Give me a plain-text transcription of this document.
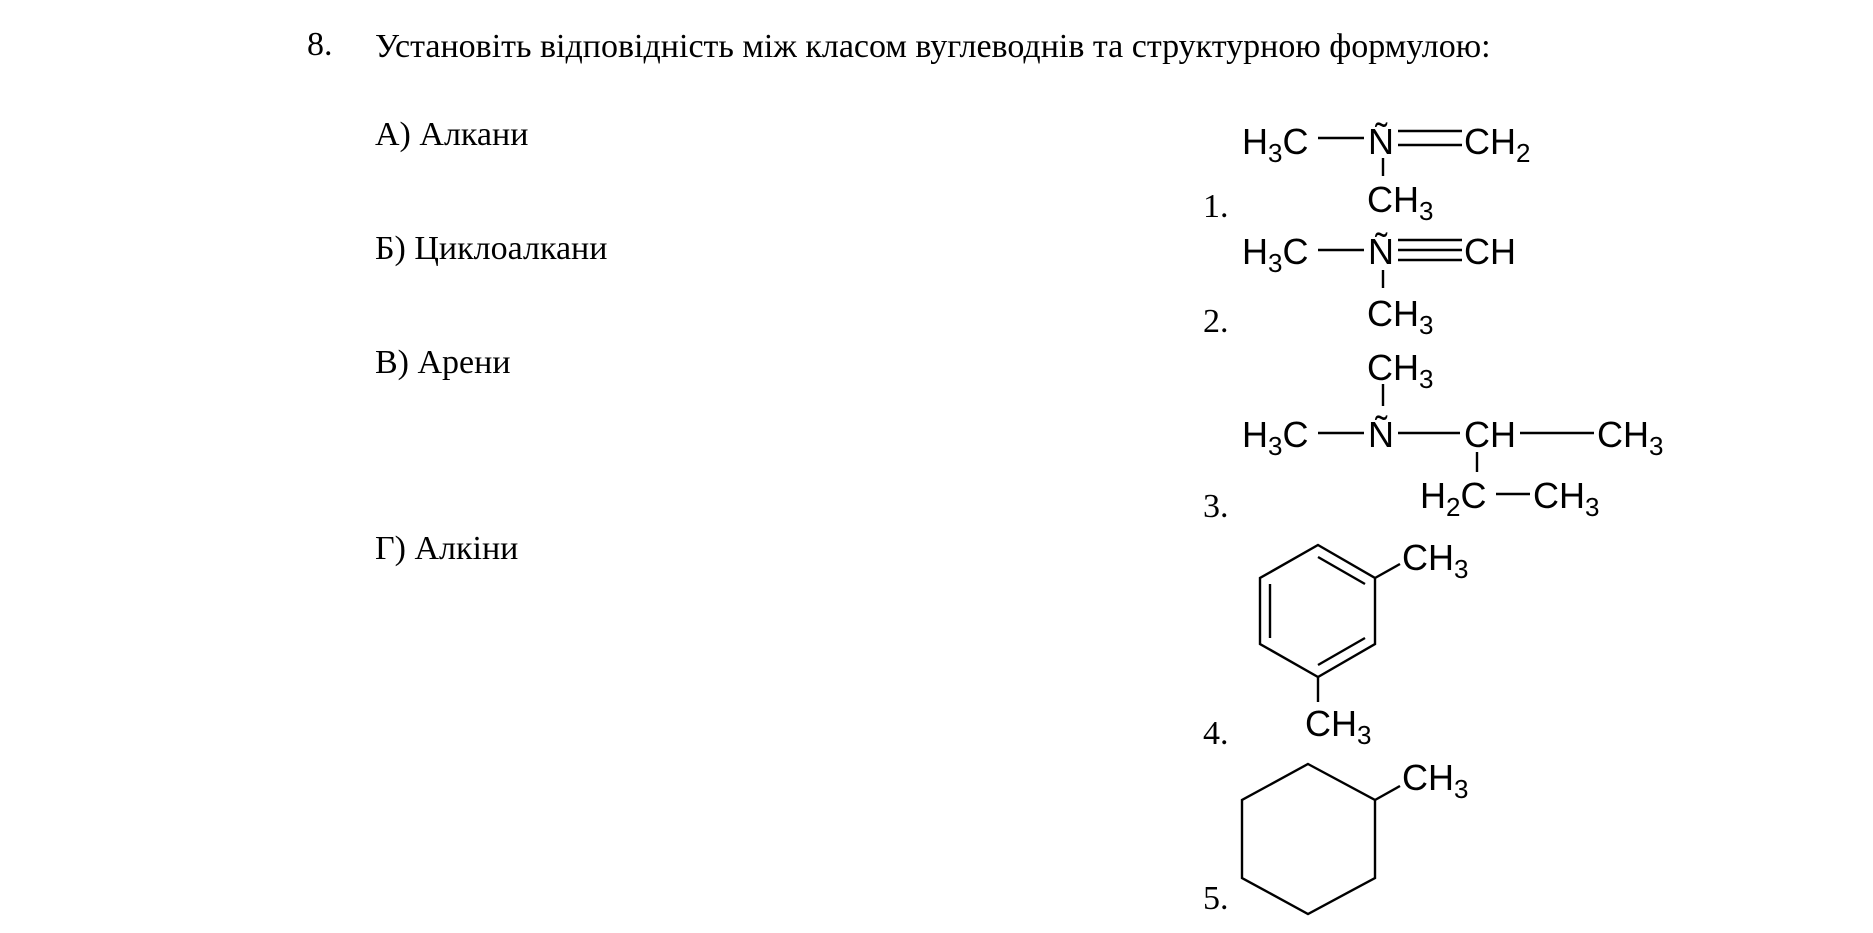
8. Установіть відповідність між класом вуглеводнів та структурною формулою:
А) Алкани
Б) Циклоалкани
В) Арени
Г) Алкіни
1.
2.
3.
4.
5.
$H_3C$ Ñ $CH_2$
$CH_3$
$H_3C$ Ñ CH
$CH_3$
$CH_3$
$H_3C$ Ñ CH $CH_3$
$H_2C$ $CH_3$
$CH_3$
$CH_3$
$CH_3$
